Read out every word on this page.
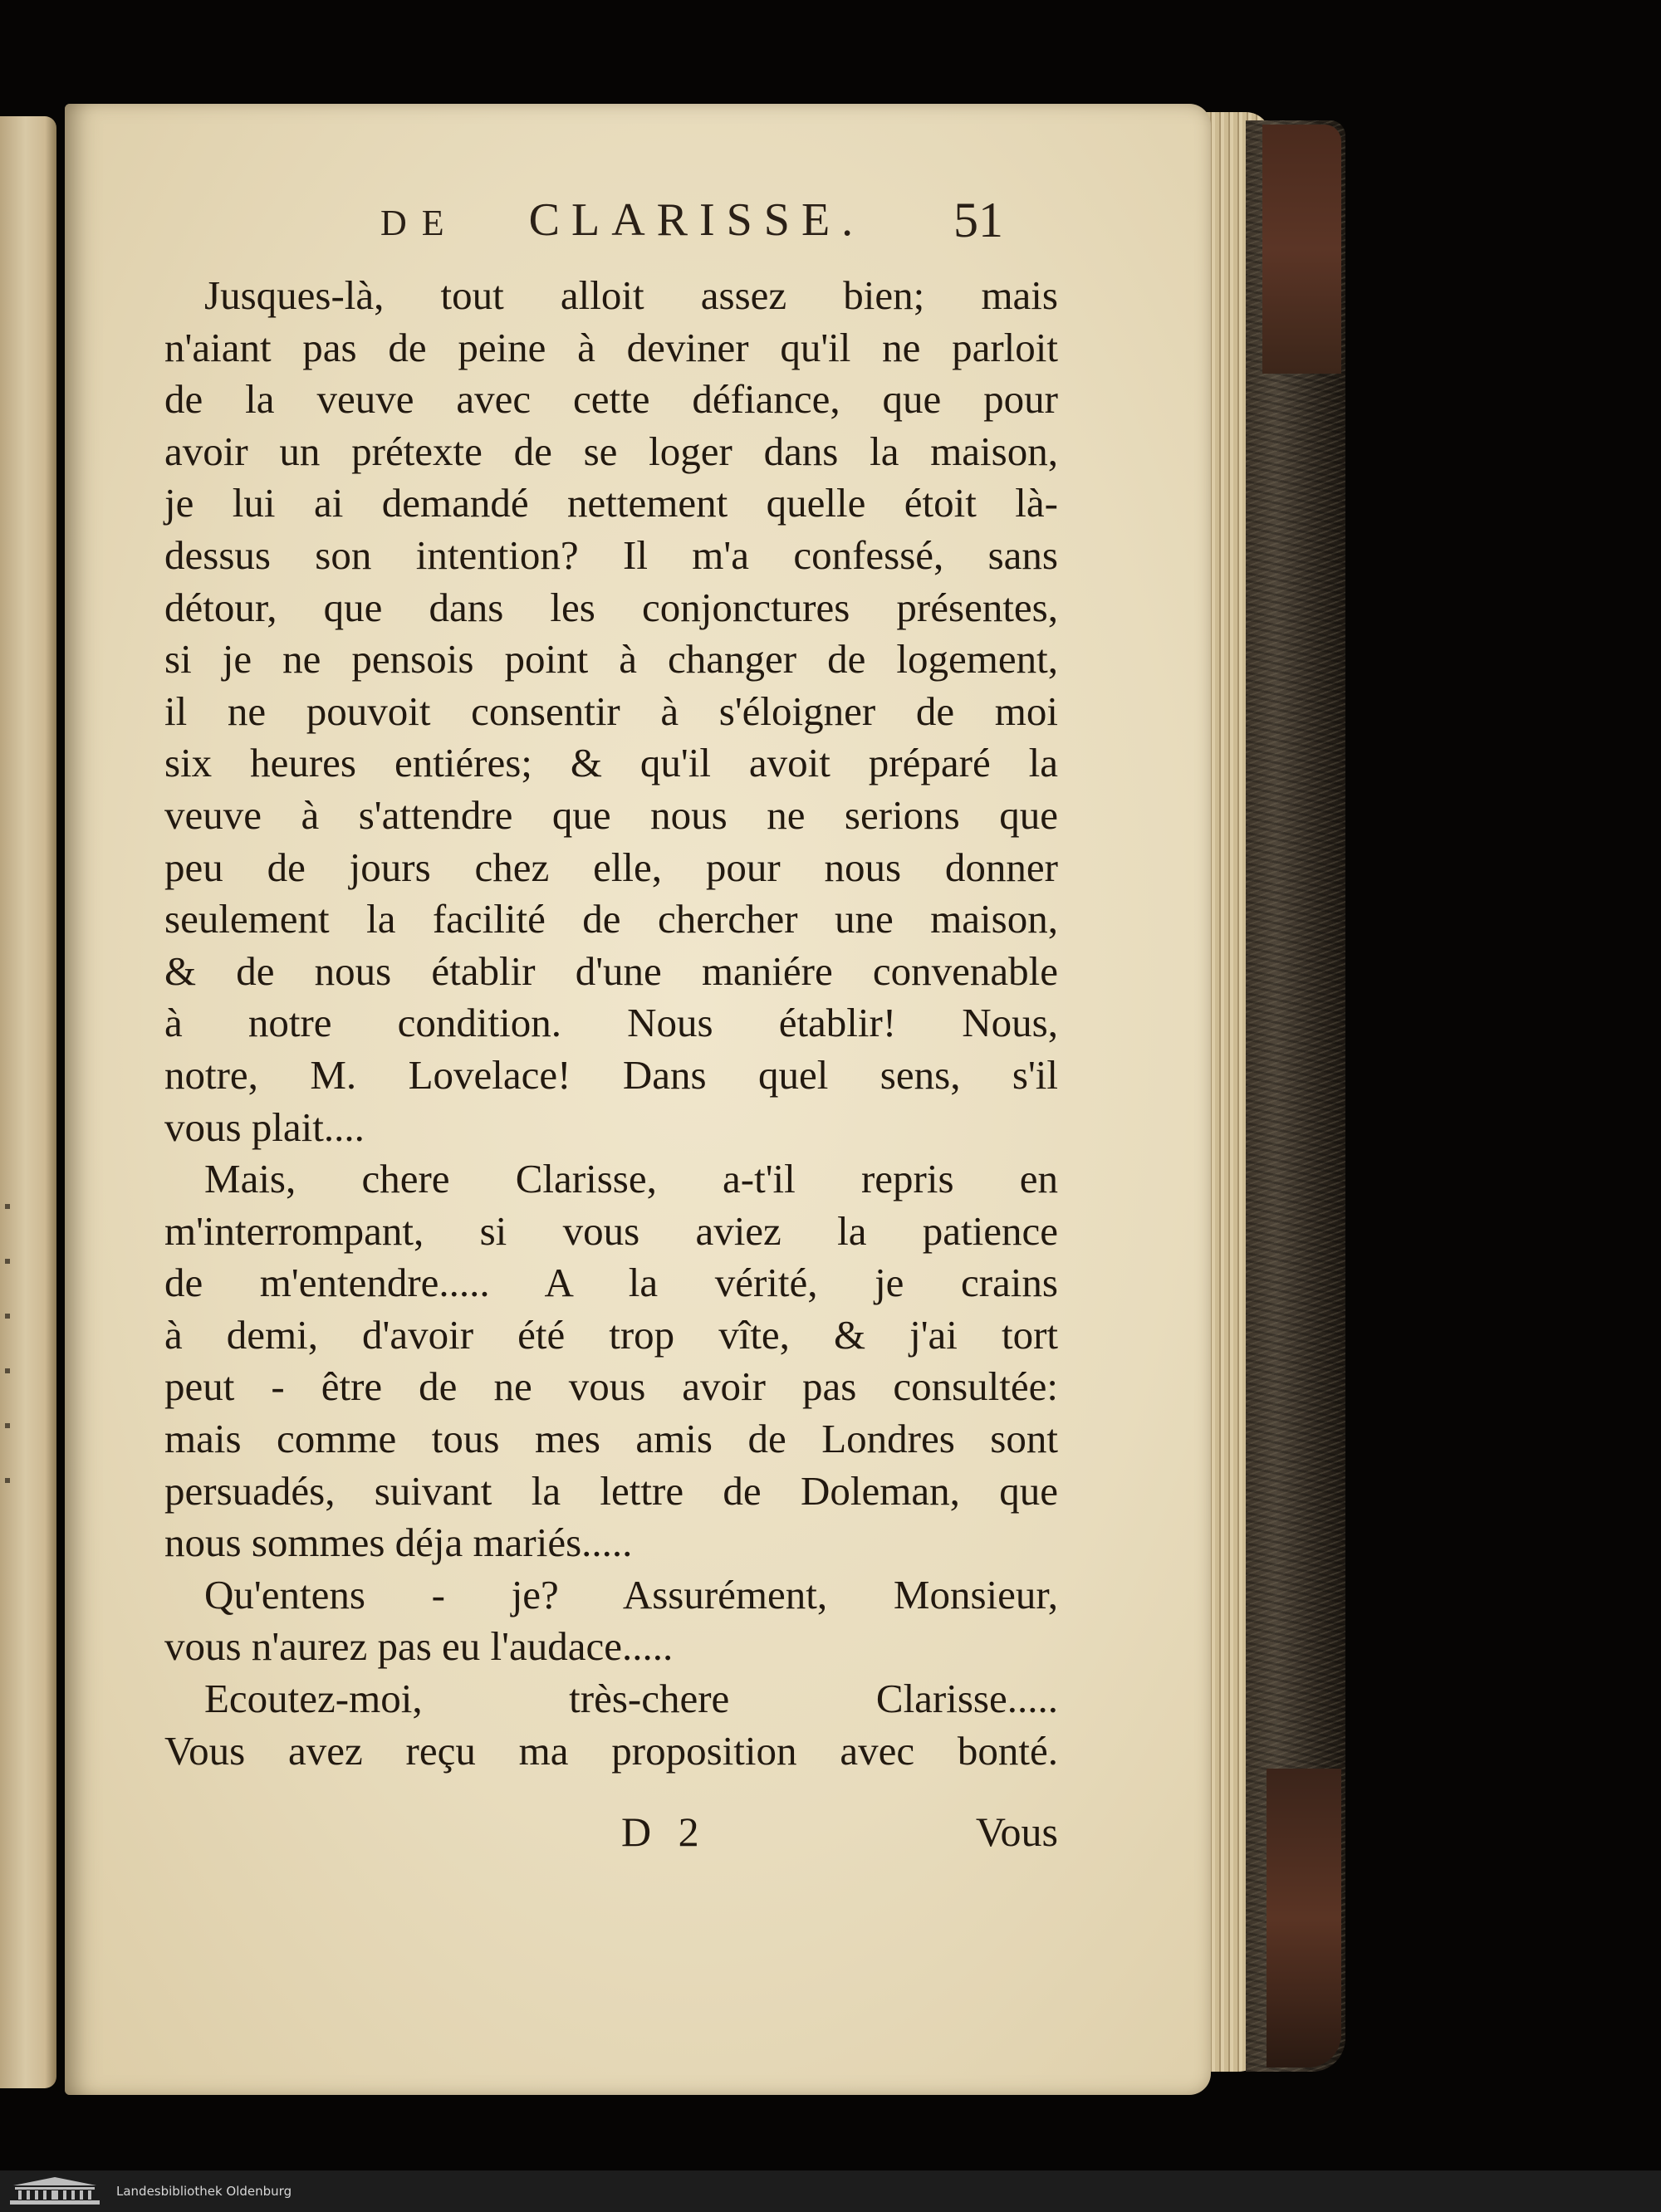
DE CLARISSE.	51
Jusques-là, tout alloit assez bien; mais
n'aiant pas de peine à deviner qu'il ne parloit
de la veuve avec cette défiance, que pour
avoir un prétexte de se loger dans la maison,
je lui ai demandé nettement quelle étoit là-
dessus son intention? Il m'a confessé, sans
détour, que dans les conjonctures présentes,
si je ne pensois point à changer de logement,
il ne pouvoit consentir à s'éloigner de moi
six heures entiéres; & qu'il avoit préparé la
veuve à s'attendre que nous ne serions que
peu de jours chez elle, pour nous donner
seulement la facilité de chercher une maison,
& de nous établir d'une maniére convenable
à notre condition. Nous établir! Nous,
notre, M. Lovelace! Dans quel sens, s'il
vous plait....
Mais, chere Clarisse, a-t'il repris en
m'interrompant, si vous aviez la patience
de m'entendre..... A la vérité, je crains
à demi, d'avoir été trop vîte, & j'ai tort
peut - être de ne vous avoir pas consultée:
mais comme tous mes amis de Londres sont
persuadés, suivant la lettre de Doleman, que
nous sommes déja mariés.....
Qu'entens - je? Assurément, Monsieur,
vous n'aurez pas eu l'audace.....
Ecoutez-moi, très-chere Clarisse.....
Vous avez reçu ma proposition avec bonté.
D 2	Vous
Landesbibliothek Oldenburg
